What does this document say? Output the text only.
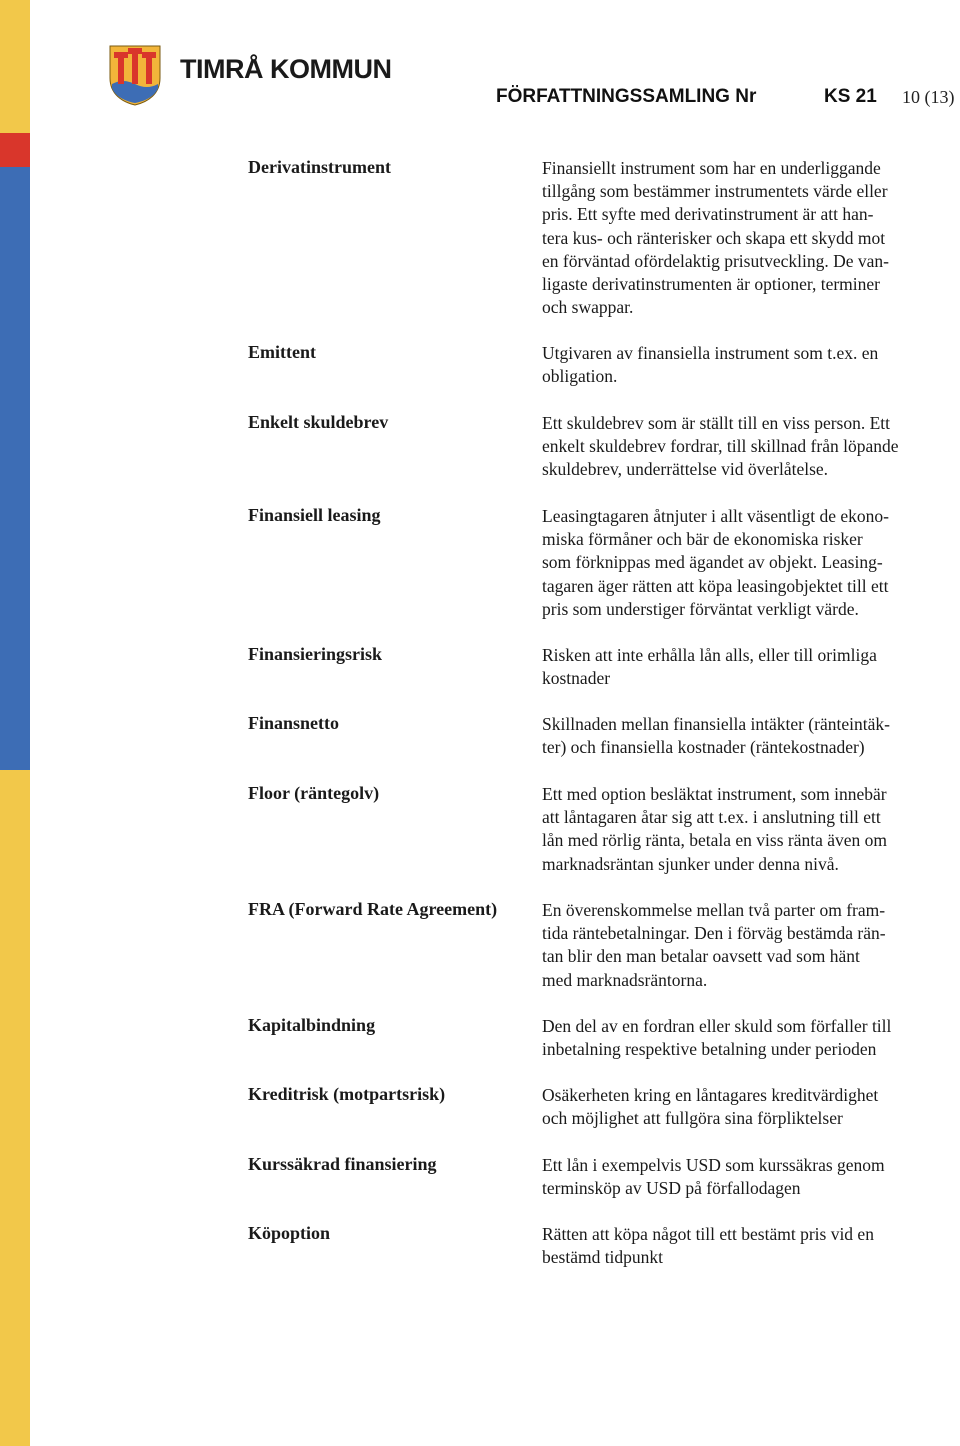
TIMRÅ KOMMUN
FÖRFATTNINGSSAMLING Nr	KS 21 10 (13)
Derivatinstrument	Finansiellt instrument som har en underliggande
tillgång som bestämmer instrumentets värde eller
pris. Ett syfte med derivatinstrument är att han-
tera kus- och ränterisker och skapa ett skydd mot
en förväntad ofördelaktig prisutveckling. De van-
ligaste derivatinstrumenten är optioner, terminer
och swappar.
Emittent	Utgivaren av finansiella instrument som t.ex. en
obligation.
Enkelt skuldebrev	Ett skuldebrev som är ställt till en viss person. Ett
enkelt skuldebrev fordrar, till skillnad från löpande
skuldebrev, underrättelse vid överlåtelse.
Finansiell leasing	Leasingtagaren åtnjuter i allt väsentligt de ekono-
miska förmåner och bär de ekonomiska risker
som förknippas med ägandet av objekt. Leasing-
tagaren äger rätten att köpa leasingobjektet till ett
pris som understiger förväntat verkligt värde.
Finansieringsrisk	Risken att inte erhålla lån alls, eller till orimliga
kostnader
Finansnetto	Skillnaden mellan finansiella intäkter (ränteintäk-
ter) och finansiella kostnader (räntekostnader)
Floor (räntegolv)	Ett med option besläktat instrument, som innebär
att låntagaren åtar sig att t.ex. i anslutning till ett
lån med rörlig ränta, betala en viss ränta även om
marknadsräntan sjunker under denna nivå.
FRA (Forward Rate Agreement)	En överenskommelse mellan två parter om fram-
tida räntebetalningar. Den i förväg bestämda rän-
tan blir den man betalar oavsett vad som hänt
med marknadsräntorna.
Kapitalbindning	Den del av en fordran eller skuld som förfaller till
inbetalning respektive betalning under perioden
Kreditrisk (motpartsrisk)	Osäkerheten kring en låntagares kreditvärdighet
och möjlighet att fullgöra sina förpliktelser
Kurssäkrad finansiering	Ett lån i exempelvis USD som kurssäkras genom
terminsköp av USD på förfallodagen
Köpoption	Rätten att köpa något till ett bestämt pris vid en
bestämd tidpunkt
